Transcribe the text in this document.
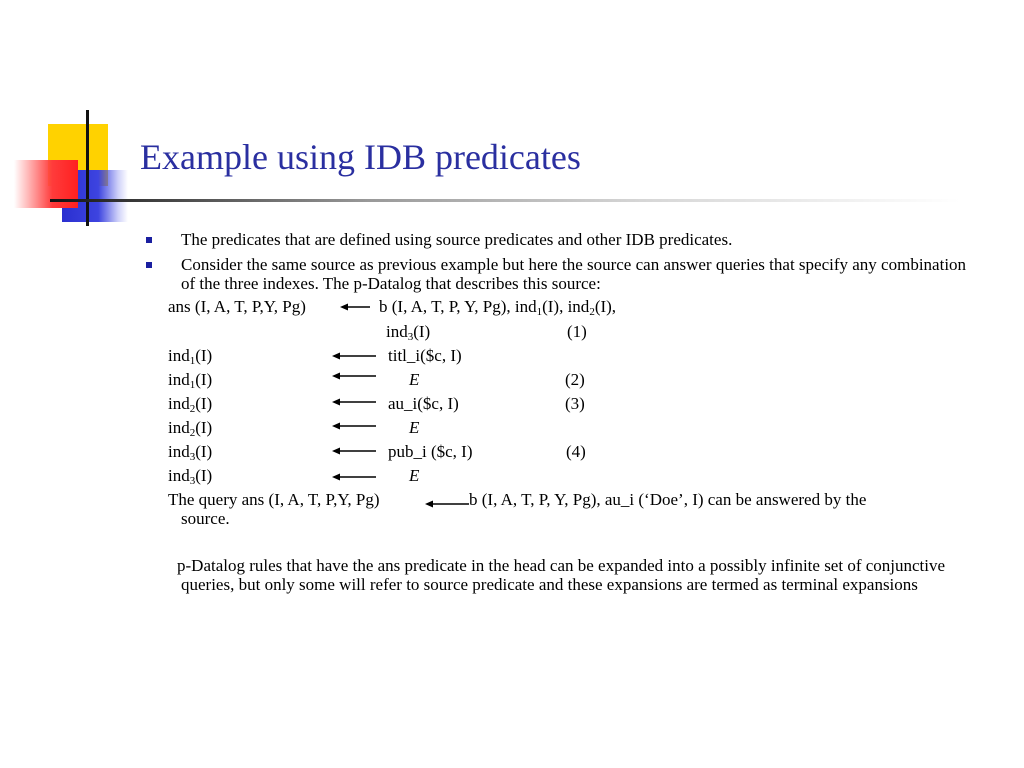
Example using IDB predicates
The predicates that are defined using source predicates and other IDB predicates.
Consider the same source as previous example but here the source can answer queries that specify any combination of the three indexes. The p-Datalog that describes this source:
ans (I, A, T, P,Y, Pg)	b (I, A, T, P, Y, Pg), ind$_1$(I), ind$_2$(I),
ind$_3$(I)	(1)
ind$_1$(I)	titl_i($c, I)
ind$_1$(I)	E	(2)
ind$_2$(I)	au_i($c, I)	(3)
ind$_2$(I)	E
ind$_3$(I)	pub_i ($c, I)	(4)
ind$_3$(I)	E
The query ans (I, A, T, P,Y, Pg)	b (I, A, T, P, Y, Pg), au_i (‘Doe’, I) can be answered by the
source.
p-Datalog rules that have the ans predicate in the head can be expanded into a possibly infinite set of conjunctive queries, but only some will refer to source predicate and these expansions are termed as terminal expansions
